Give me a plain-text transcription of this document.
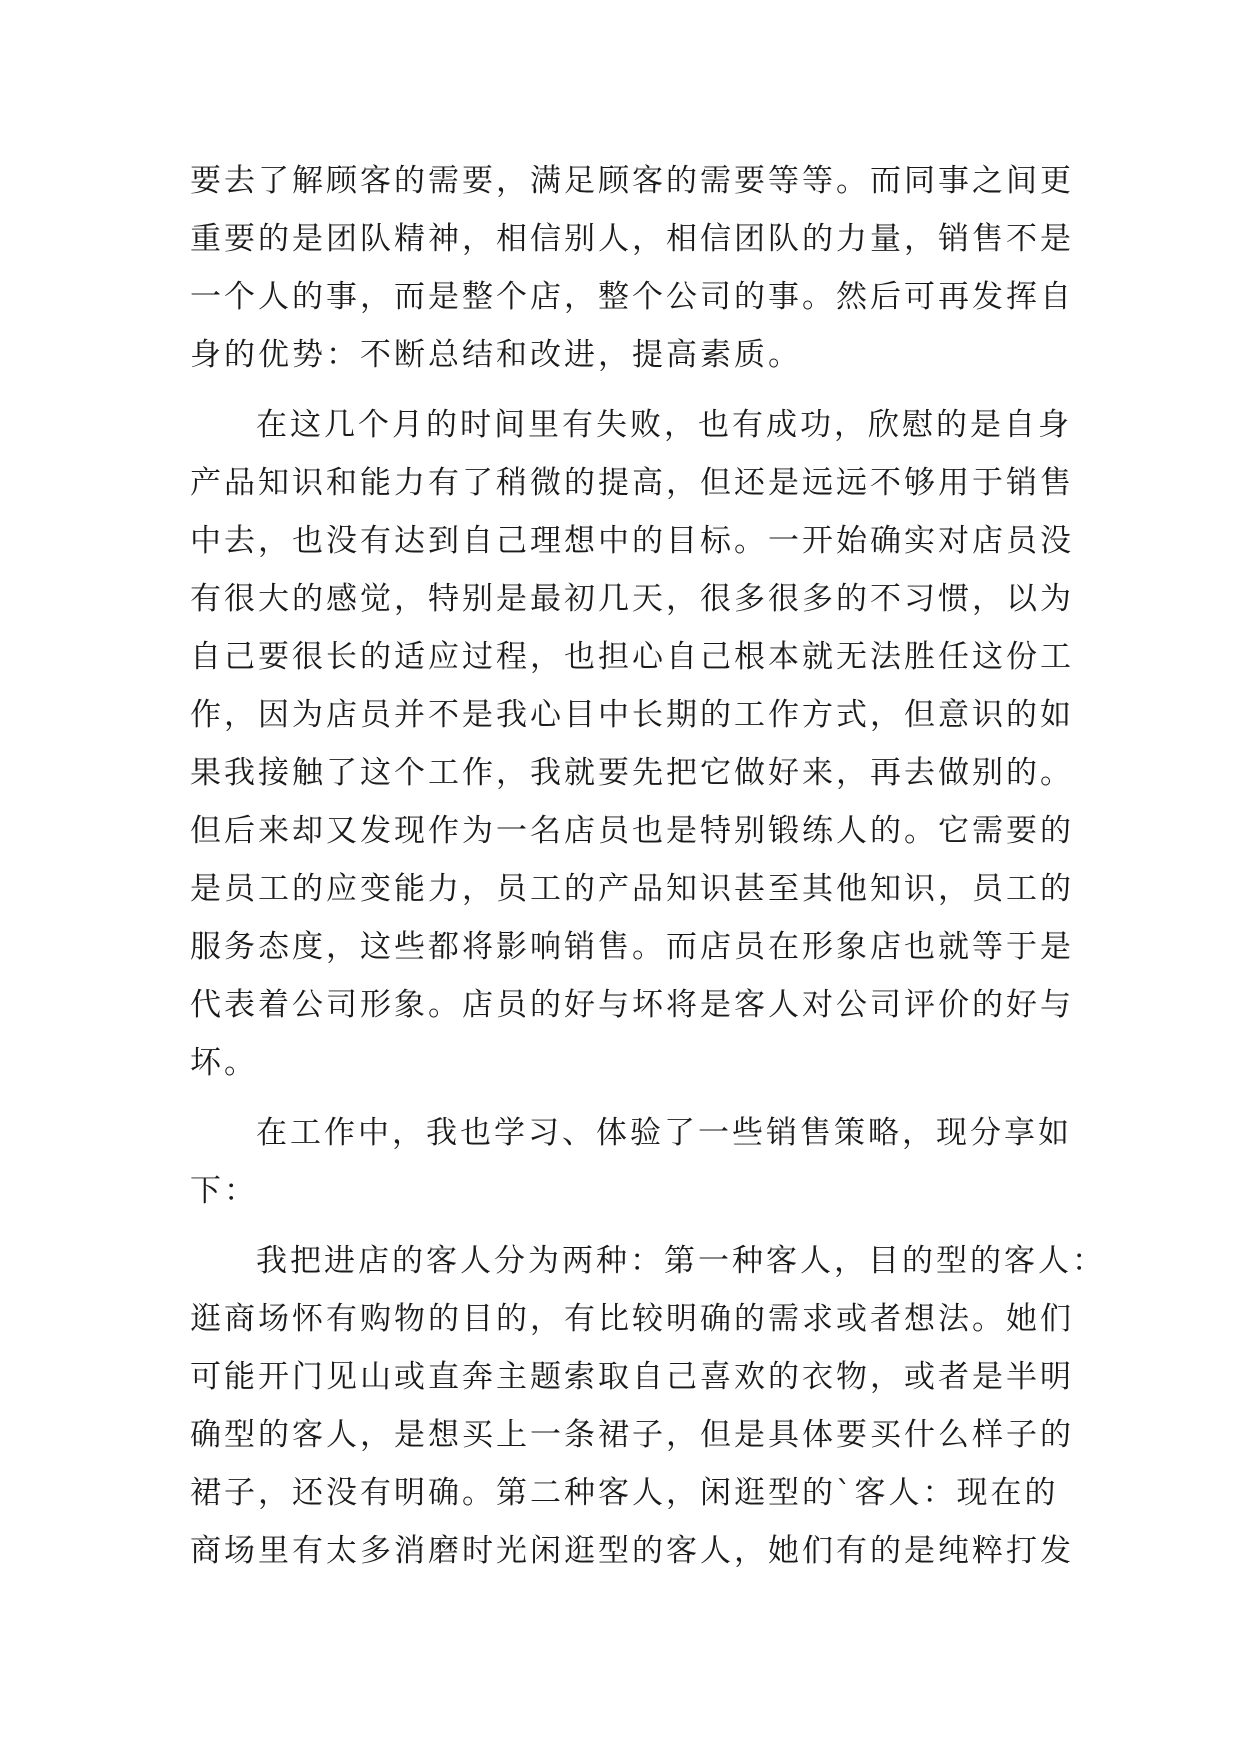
要去了解顾客的需要，满足顾客的需要等等。而同事之间更
重要的是团队精神，相信别人，相信团队的力量，销售不是
一个人的事，而是整个店，整个公司的事。然后可再发挥自
身的优势：不断总结和改进，提高素质。
在这几个月的时间里有失败，也有成功，欣慰的是自身
产品知识和能力有了稍微的提高，但还是远远不够用于销售
中去，也没有达到自己理想中的目标。一开始确实对店员没
有很大的感觉，特别是最初几天，很多很多的不习惯，以为
自己要很长的适应过程，也担心自己根本就无法胜任这份工
作，因为店员并不是我心目中长期的工作方式，但意识的如
果我接触了这个工作，我就要先把它做好来，再去做别的。
但后来却又发现作为一名店员也是特别锻练人的。它需要的
是员工的应变能力，员工的产品知识甚至其他知识，员工的
服务态度，这些都将影响销售。而店员在形象店也就等于是
代表着公司形象。店员的好与坏将是客人对公司评价的好与
坏。
在工作中，我也学习、体验了一些销售策略，现分享如
下：
我把进店的客人分为两种：第一种客人，目的型的客人：
逛商场怀有购物的目的，有比较明确的需求或者想法。她们
可能开门见山或直奔主题索取自己喜欢的衣物，或者是半明
确型的客人，是想买上一条裙子，但是具体要买什么样子的
裙子，还没有明确。第二种客人，闲逛型的`客人：现在的
商场里有太多消磨时光闲逛型的客人，她们有的是纯粹打发
